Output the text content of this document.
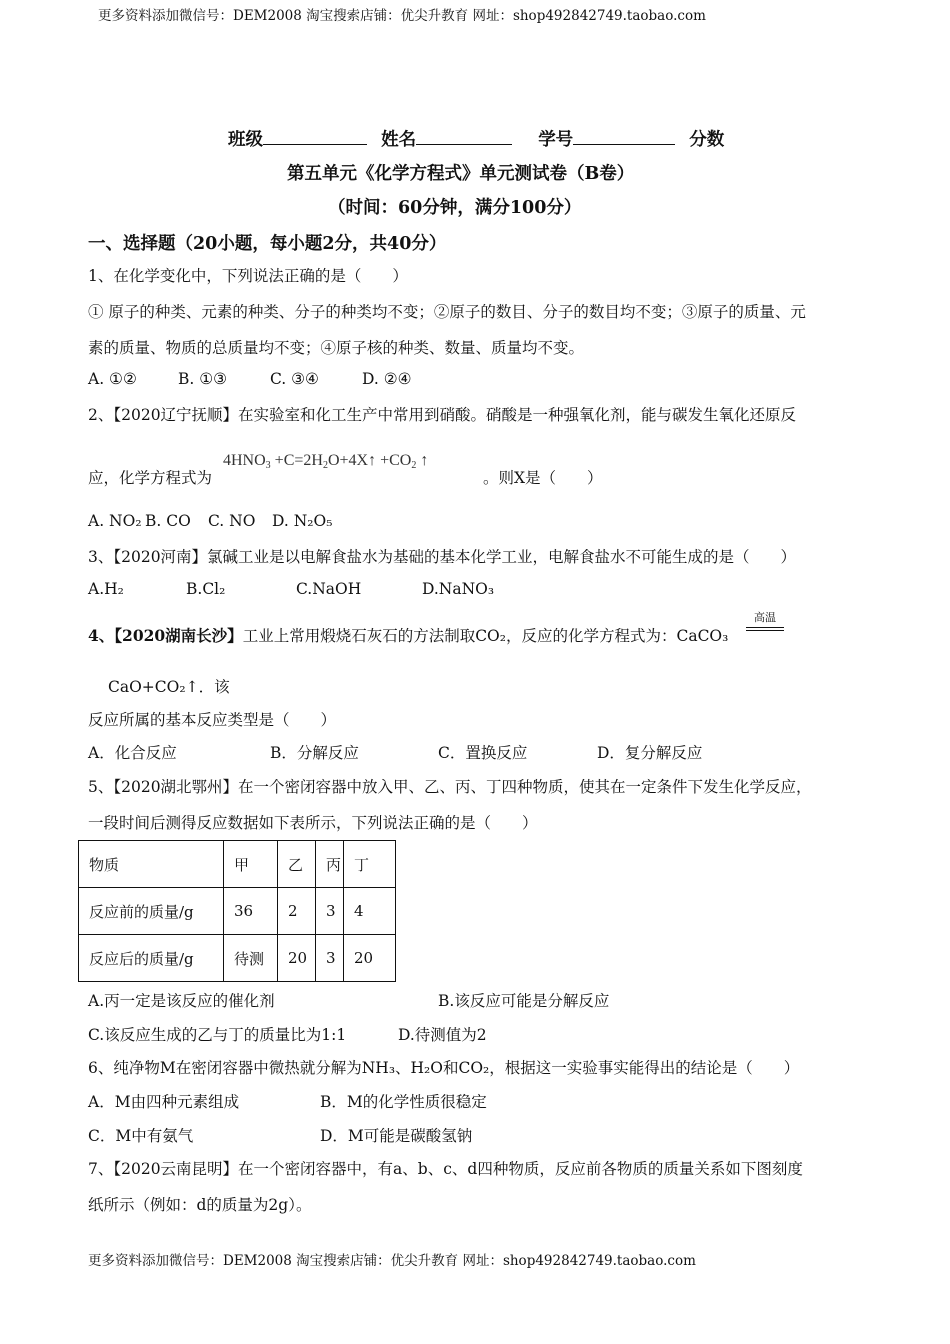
更多资料添加微信号：DEM2008 淘宝搜索店铺：优尖升教育 网址：shop492842749.taobao.com
更多资料添加微信号：DEM2008 淘宝搜索店铺：优尖升教育 网址：shop492842749.taobao.com
班级	姓名	学号	分数
第五单元《化学方程式》单元测试卷（B卷）
（时间：60分钟，满分100分）
一、选择题（20小题，每小题2分，共40分）
1、在化学变化中，下列说法正确的是（　　）
① 原子的种类、元素的种类、分子的种类均不变；②原子的数目、分子的数目均不变；③原子的质量、元
素的质量、物质的总质量均不变；④原子核的种类、数量、质量均不变。
A. ①②	B. ①③	C. ③④	D. ②④
2、【2020辽宁抚顺】在实验室和化工生产中常用到硝酸。硝酸是一种强氧化剂，能与碳发生氧化还原反
应，化学方程式为
$4HNO_3$ $+C=2H_2O+4X↑ +CO_2$ ↑
。则X是（　　）
A. NO₂ B. CO C. NO D. N₂O₅
3、【2020河南】氯碱工业是以电解食盐水为基础的基本化学工业，电解食盐水不可能生成的是（　　）
A.H₂	B.Cl₂	C.NaOH	D.NaNO₃
4、【2020湖南长沙】工业上常用煅烧石灰石的方法制取CO₂，反应的化学方程式为：CaCO₃
高温
CaO+CO₂↑．该
反应所属的基本反应类型是（　　）
A．化合反应	B．分解反应	C．置换反应	D．复分解反应
5、【2020湖北鄂州】在一个密闭容器中放入甲、乙、丙、丁四种物质，使其在一定条件下发生化学反应，
一段时间后测得反应数据如下表所示，下列说法正确的是（　　）
物质	甲	乙	丙	丁
反应前的质量/g	36	2	3	4
反应后的质量/g	待测	20	3	20
A.丙一定是该反应的催化剂	B.该反应可能是分解反应
C.该反应生成的乙与丁的质量比为1:1	D.待测值为2
6、纯净物M在密闭容器中微热就分解为NH₃、H₂O和CO₂，根据这一实验事实能得出的结论是（　　）
A．M由四种元素组成	B．M的化学性质很稳定
C．M中有氨气	D．M可能是碳酸氢钠
7、【2020云南昆明】在一个密闭容器中，有a、b、c、d四种物质，反应前各物质的质量关系如下图刻度
纸所示（例如：d的质量为2g）。
